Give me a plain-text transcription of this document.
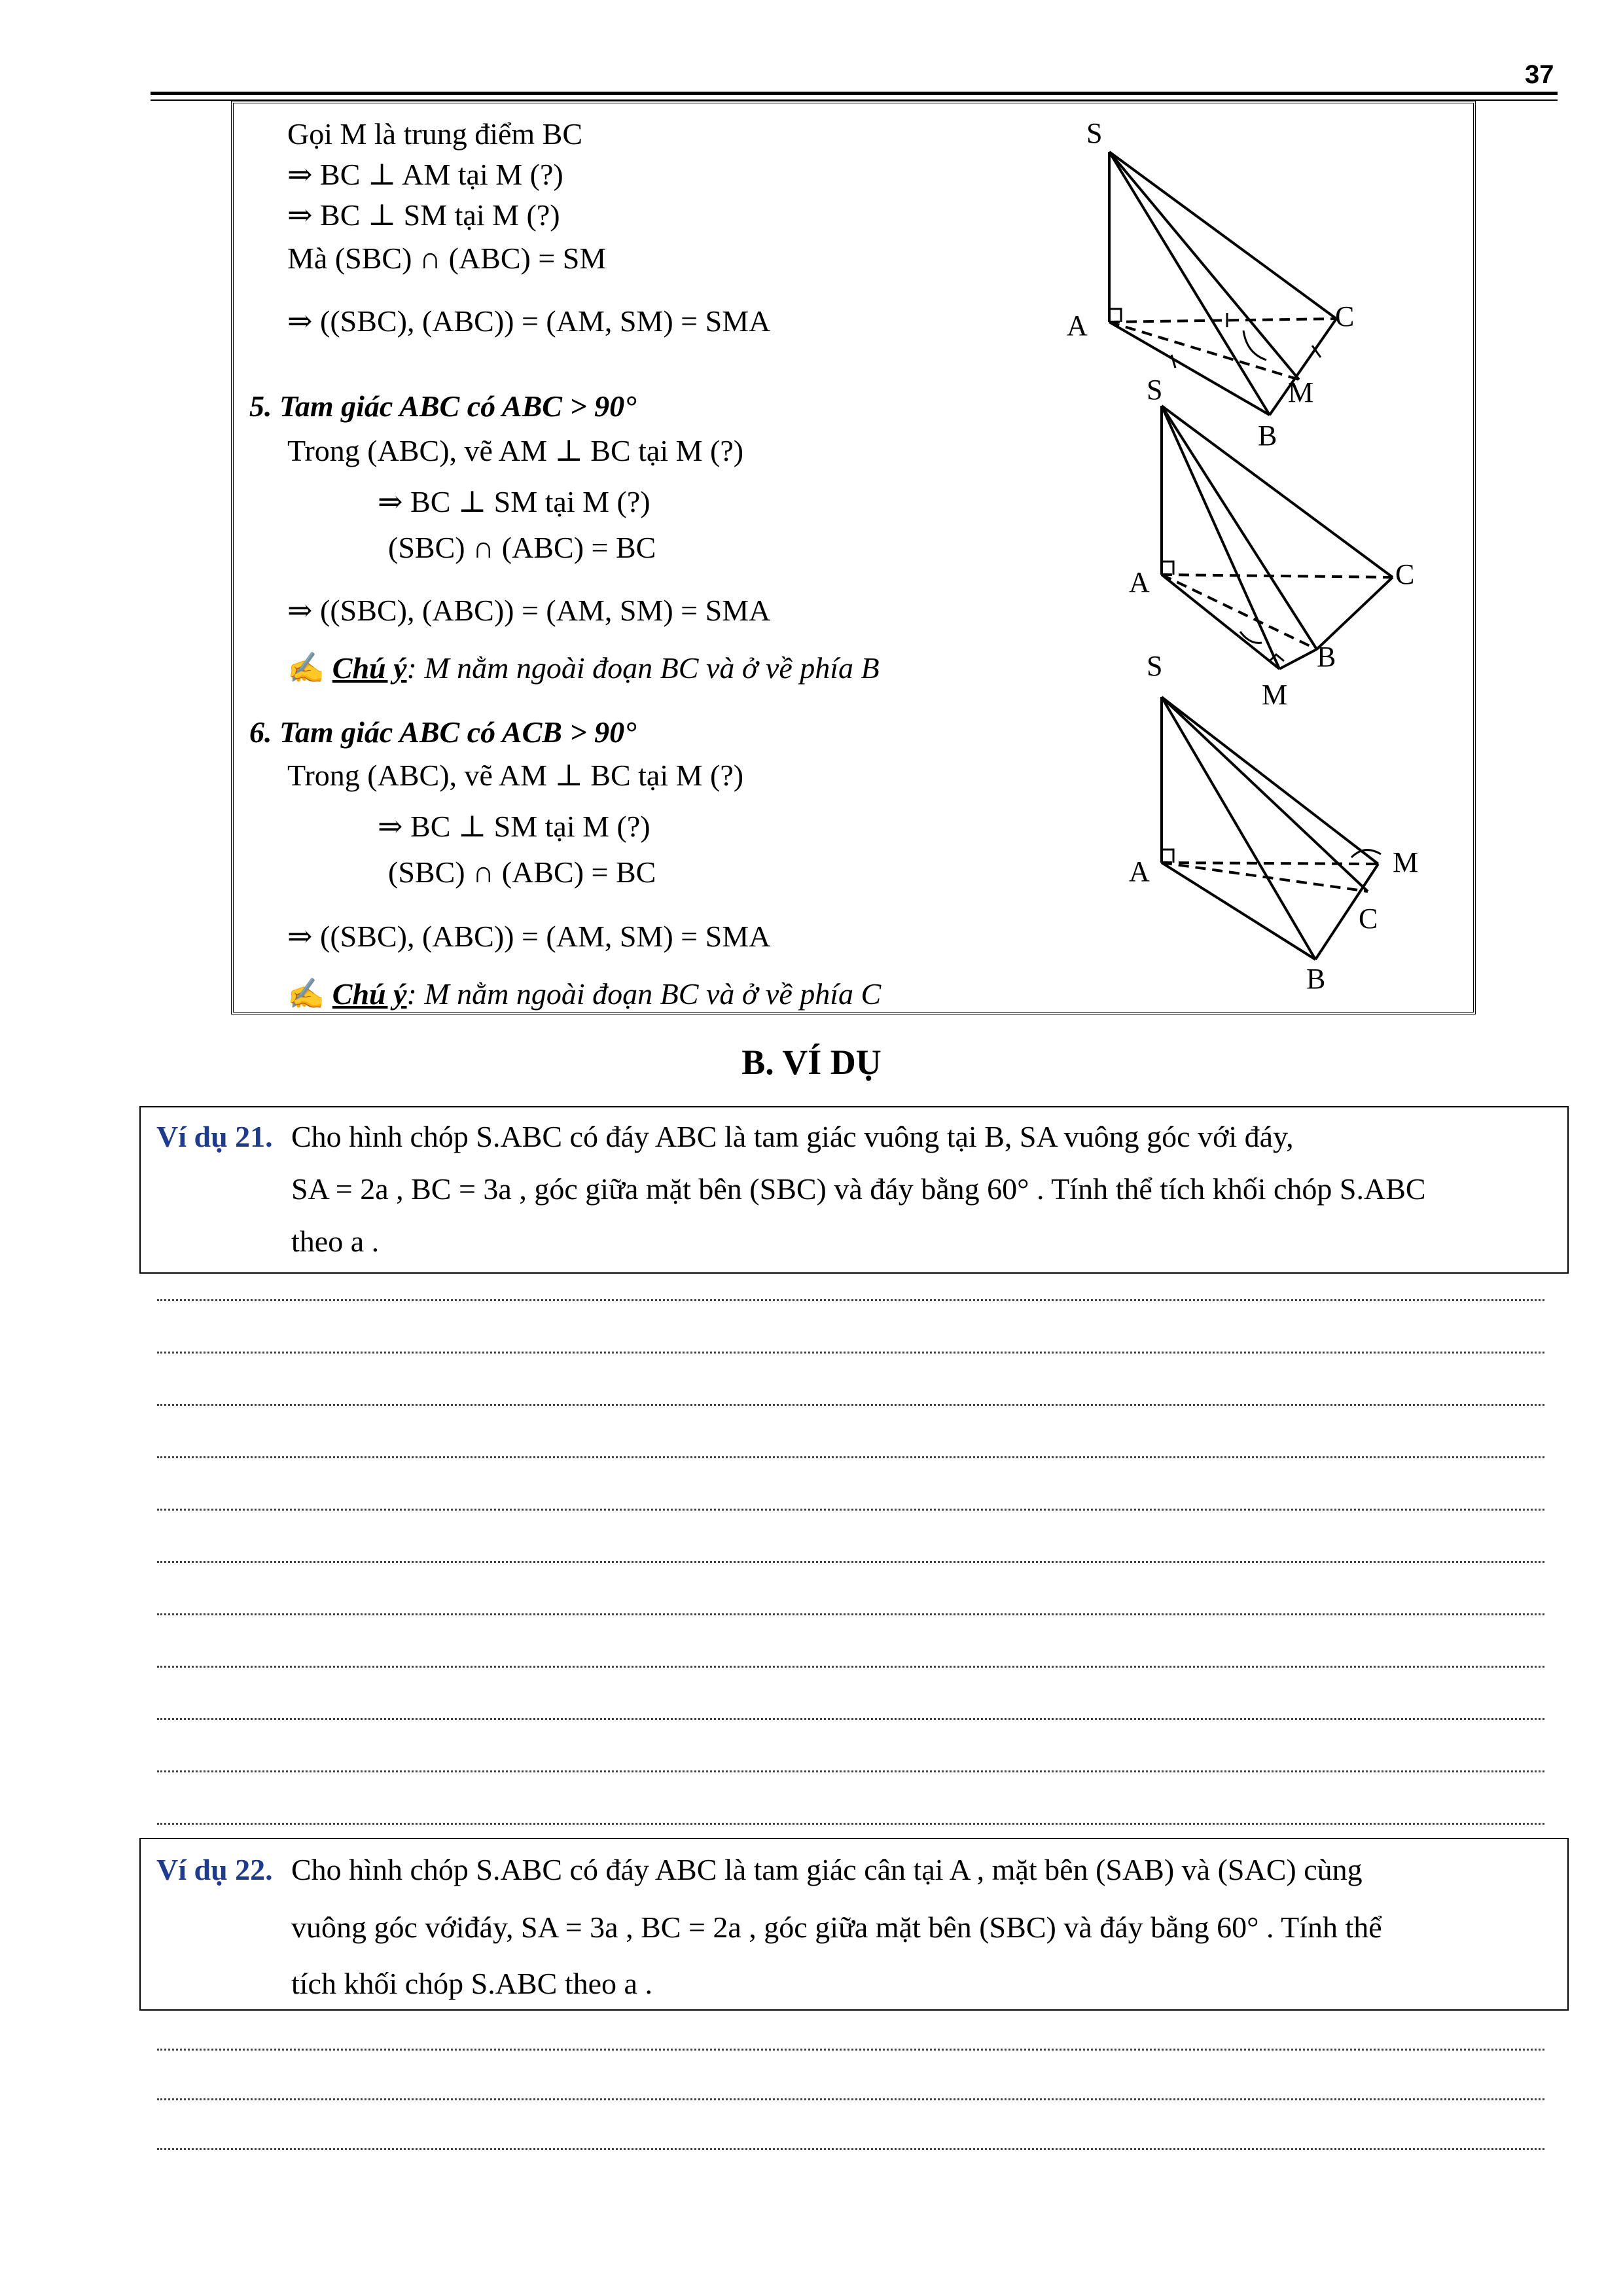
37
Gọi M là trung điểm BC
⇒ BC ⊥ AM tại M (?)
⇒ BC ⊥ SM tại M (?)
Mà (SBC) ∩ (ABC) = SM
⇒ ((SBC), (ABC)) = (AM, SM) = SMA
5. Tam giác ABC có ABC > 90°
Trong (ABC), vẽ AM ⊥ BC tại M (?)
⇒ BC ⊥ SM tại M (?)
(SBC) ∩ (ABC) = BC
⇒ ((SBC), (ABC)) = (AM, SM) = SMA
✍ Chú ý: M nằm ngoài đoạn BC và ở về phía B
6. Tam giác ABC có ACB > 90°
Trong (ABC), vẽ AM ⊥ BC tại M (?)
⇒ BC ⊥ SM tại M (?)
(SBC) ∩ (ABC) = BC
⇒ ((SBC), (ABC)) = (AM, SM) = SMA
✍ Chú ý: M nằm ngoài đoạn BC và ở về phía C
S
A	C
M
B
S
A	C
B
M
S
A	M
C
B
B. VÍ DỤ
Ví dụ 21. Cho hình chóp S.ABC có đáy ABC là tam giác vuông tại B, SA vuông góc với đáy,
SA = 2a , BC = 3a , góc giữa mặt bên (SBC) và đáy bằng 60° . Tính thể tích khối chóp S.ABC
theo a .
Ví dụ 22. Cho hình chóp S.ABC có đáy ABC là tam giác cân tại A , mặt bên (SAB) và (SAC) cùng
vuông góc vớiđáy, SA = 3a , BC = 2a , góc giữa mặt bên (SBC) và đáy bằng 60° . Tính thể
tích khối chóp S.ABC theo a .
